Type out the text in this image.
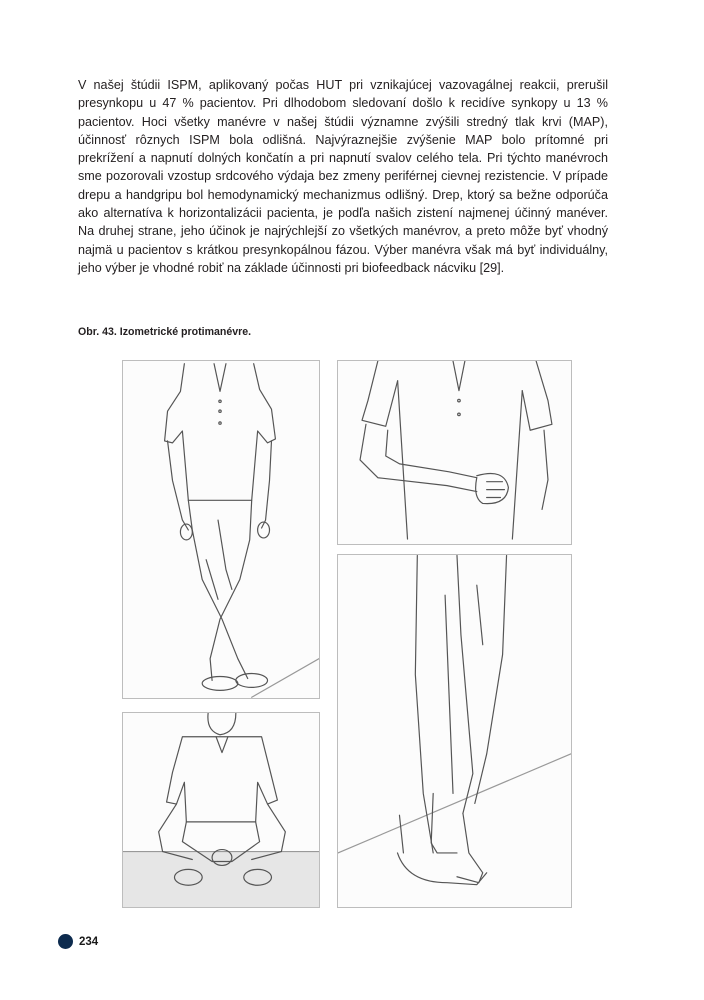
V našej štúdii ISPM, aplikovaný počas HUT pri vznikajúcej vazovagálnej reakcii, prerušil presynkopu u 47 % pacientov. Pri dlhodobom sledovaní došlo k recidíve synkopy u 13 % pacientov. Hoci všetky manévre v našej štúdii významne zvýšili stredný tlak krvi (MAP), účinnosť rôznych ISPM bola odlišná. Najvýraznejšie zvýšenie MAP bolo prítomné pri prekrížení a napnutí dolných končatín a pri napnutí svalov celého tela. Pri týchto manévroch sme pozorovali vzostup srdcového výdaja bez zmeny periférnej cievnej rezistencie. V prípade drepu a handgripu bol hemodynamický mechanizmus odlišný. Drep, ktorý sa bežne odporúča ako alternatíva k horizontalizácii pacienta, je podľa našich zistení najmenej účinný manéver. Na druhej strane, jeho účinok je najrýchlejší zo všetkých manévrov, a preto môže byť vhodný najmä u pacientov s krátkou presynkopálnou fázou. Výber manévra však má byť individuálny, jeho výber je vhodné robiť na základe účinnosti pri biofeedback nácviku [29].

Obr. 43. Izometrické protimanévre.

234
